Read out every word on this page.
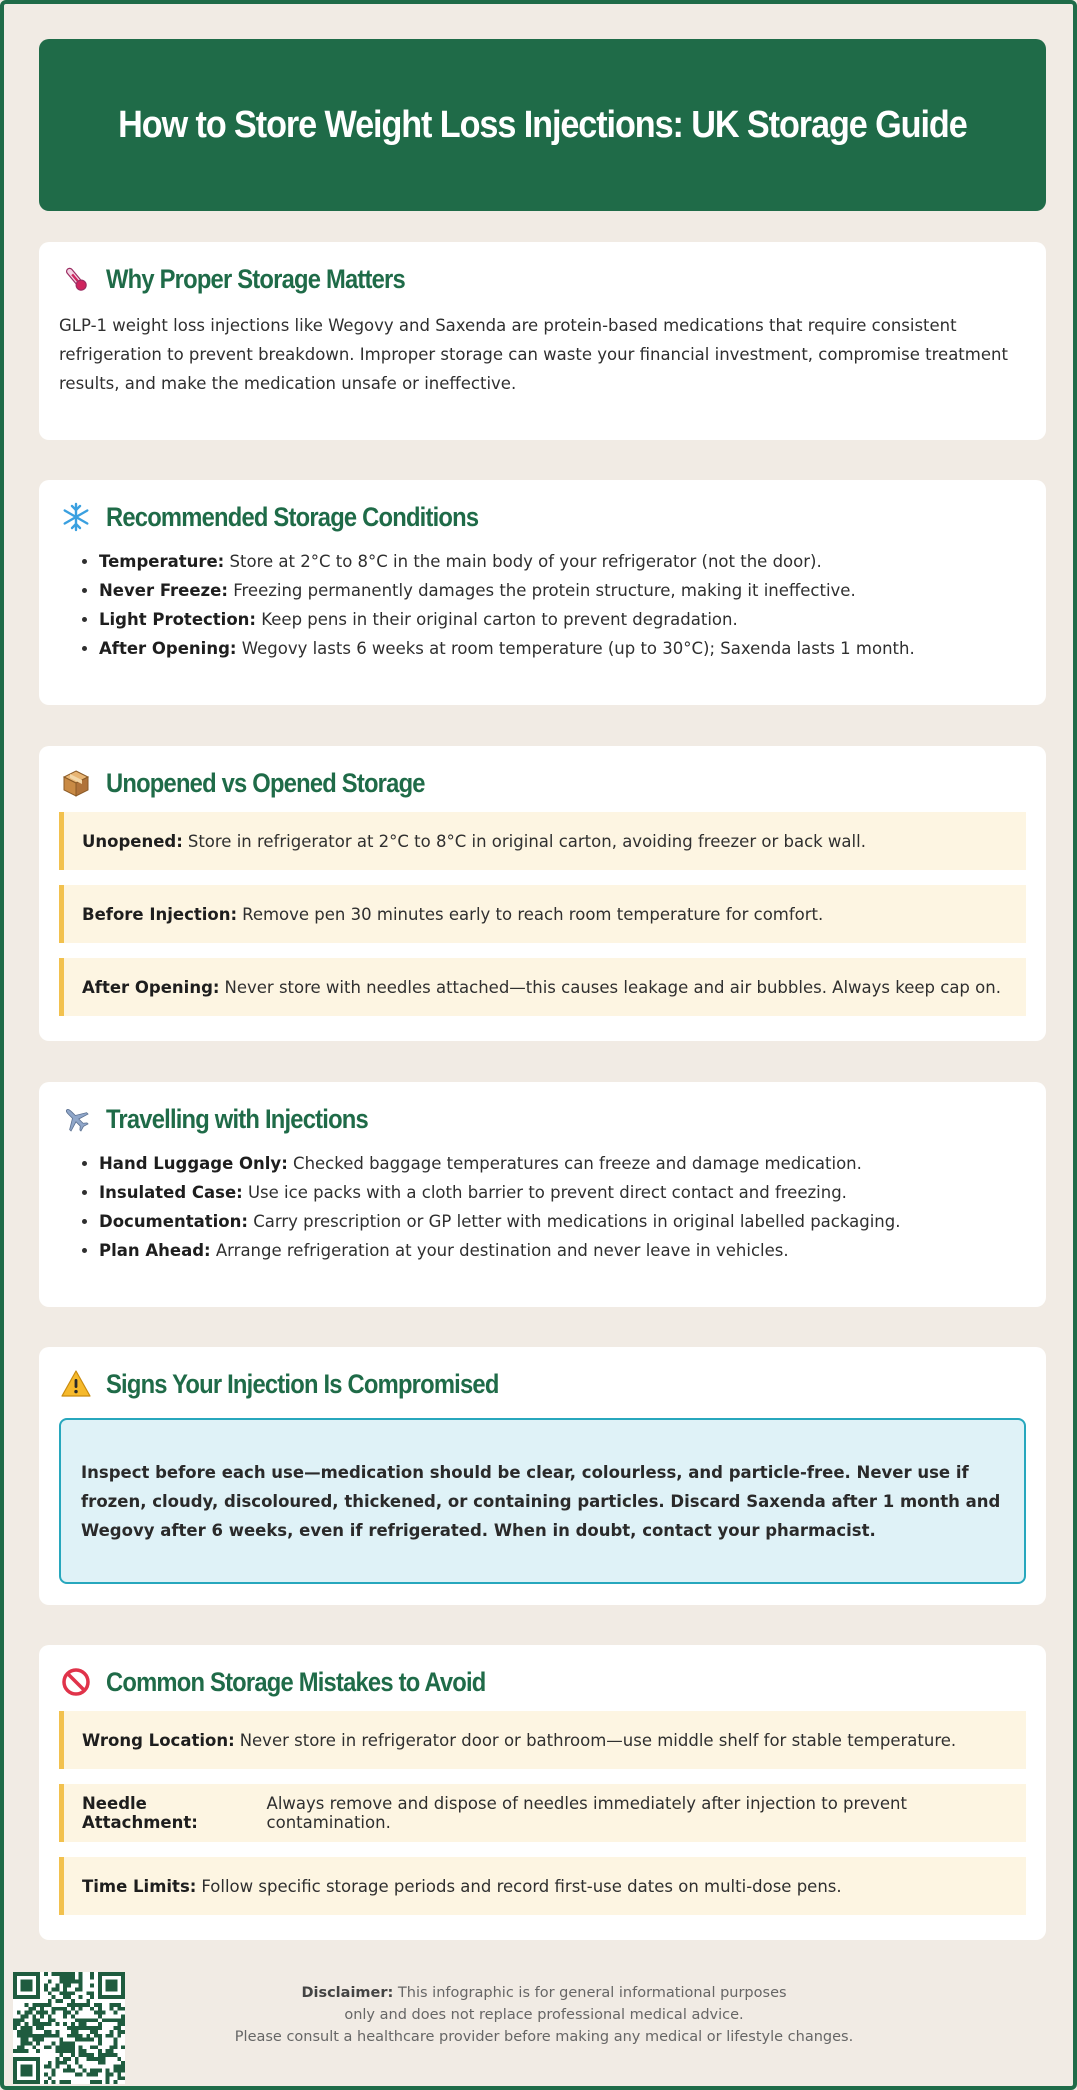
How to Store Weight Loss Injections: UK Storage Guide
Why Proper Storage Matters
GLP-1 weight loss injections like Wegovy and Saxenda are protein-based medications that require consistent refrigeration to prevent breakdown. Improper storage can waste your financial investment, compromise treatment results, and make the medication unsafe or ineffective.
Recommended Storage Conditions
• Temperature: Store at 2°C to 8°C in the main body of your refrigerator (not the door).
• Never Freeze: Freezing permanently damages the protein structure, making it ineffective.
• Light Protection: Keep pens in their original carton to prevent degradation.
• After Opening: Wegovy lasts 6 weeks at room temperature (up to 30°C); Saxenda lasts 1 month.
Unopened vs Opened Storage
Unopened: Store in refrigerator at 2°C to 8°C in original carton, avoiding freezer or back wall.
Before Injection: Remove pen 30 minutes early to reach room temperature for comfort.
After Opening: Never store with needles attached—this causes leakage and air bubbles. Always keep cap on.
Travelling with Injections
• Hand Luggage Only: Checked baggage temperatures can freeze and damage medication.
• Insulated Case: Use ice packs with a cloth barrier to prevent direct contact and freezing.
• Documentation: Carry prescription or GP letter with medications in original labelled packaging.
• Plan Ahead: Arrange refrigeration at your destination and never leave in vehicles.
Signs Your Injection Is Compromised
Inspect before each use—medication should be clear, colourless, and particle-free. Never use if frozen, cloudy, discoloured, thickened, or containing particles. Discard Saxenda after 1 month and Wegovy after 6 weeks, even if refrigerated. When in doubt, contact your pharmacist.
Common Storage Mistakes to Avoid
Wrong Location: Never store in refrigerator door or bathroom—use middle shelf for stable temperature.
Needle Attachment:
Always remove and dispose of needles immediately after injection to prevent contamination.
Time Limits: Follow specific storage periods and record first-use dates on multi-dose pens.
Disclaimer: This infographic is for general informational purposes
only and does not replace professional medical advice.
Please consult a healthcare provider before making any medical or lifestyle changes.
